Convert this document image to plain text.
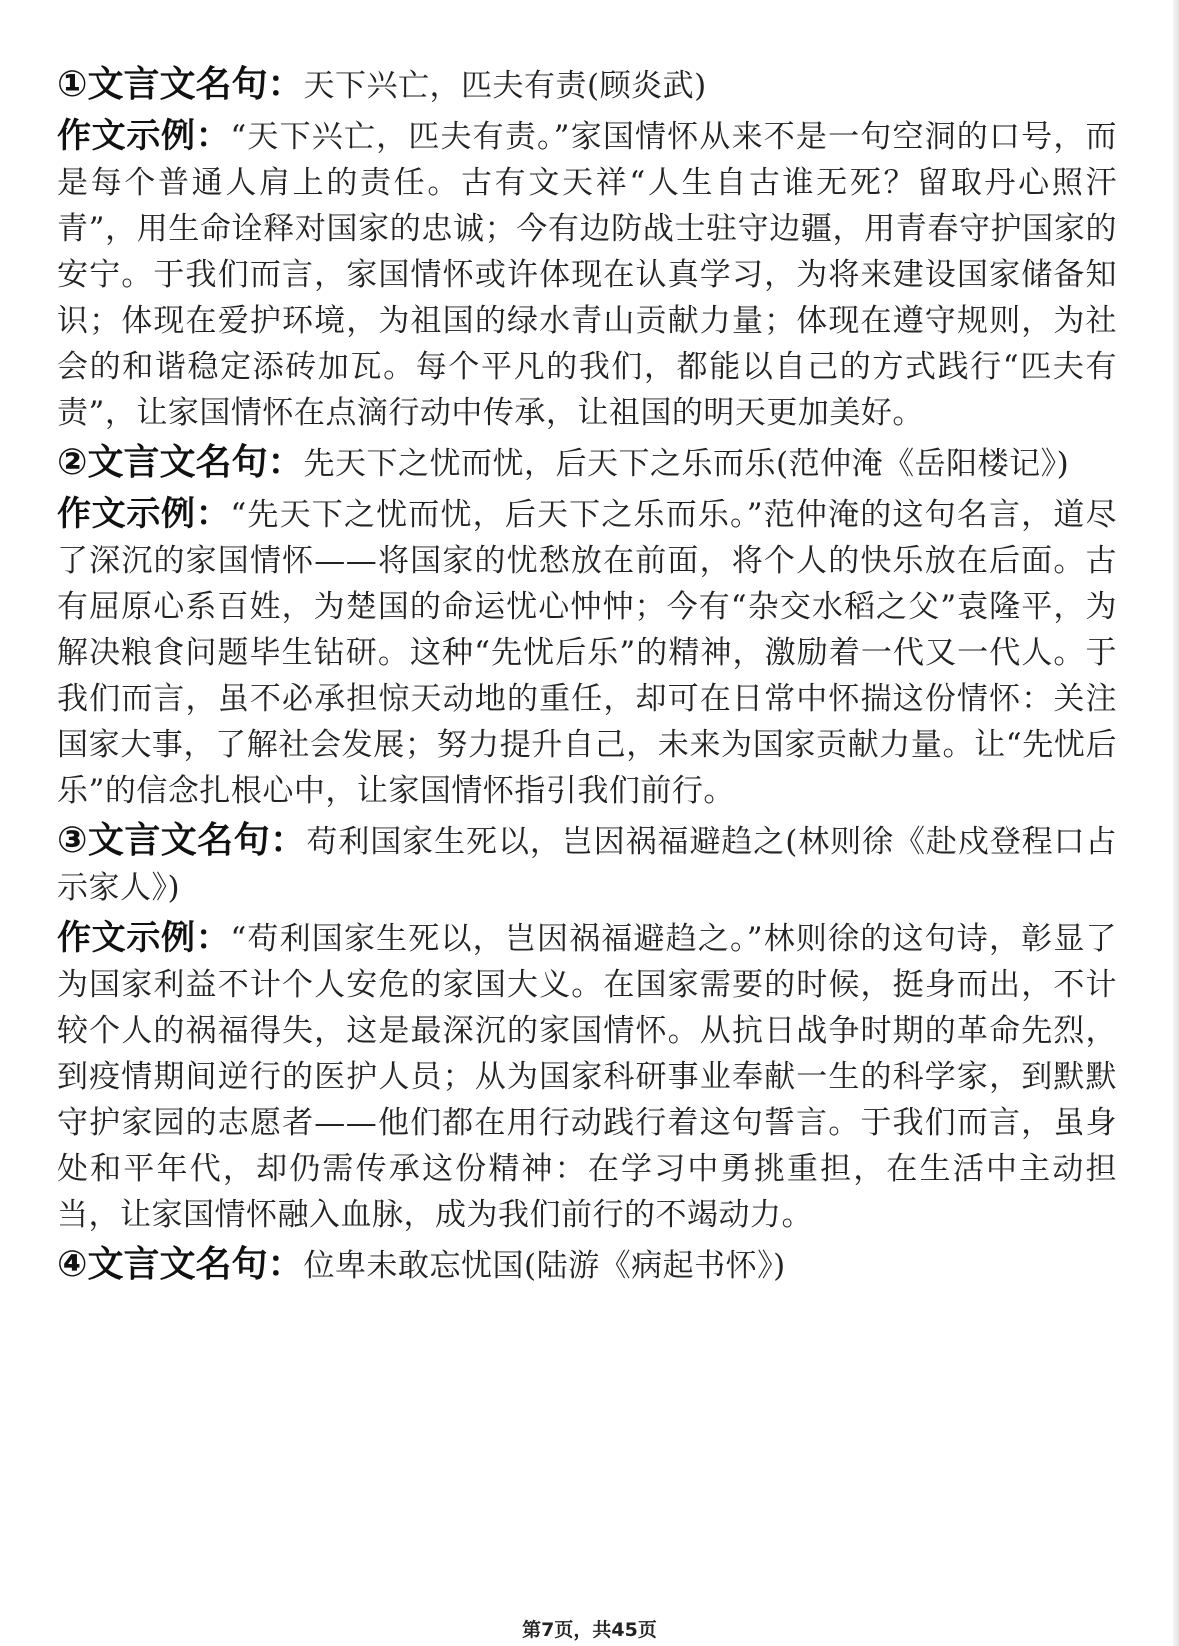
①文言文名句：天下兴亡，匹夫有责(顾炎武)

作文示例：“天下兴亡，匹夫有责。”家国情怀从来不是一句空洞的口号，而是每个普通人肩上的责任。古有文天祥“人生自古谁无死？留取丹心照汗青”，用生命诠释对国家的忠诚；今有边防战士驻守边疆，用青春守护国家的安宁。于我们而言，家国情怀或许体现在认真学习，为将来建设国家储备知识；体现在爱护环境，为祖国的绿水青山贡献力量；体现在遵守规则，为社会的和谐稳定添砖加瓦。每个平凡的我们，都能以自己的方式践行“匹夫有责”，让家国情怀在点滴行动中传承，让祖国的明天更加美好。

②文言文名句：先天下之忧而忧，后天下之乐而乐(范仲淹《岳阳楼记》)

作文示例：“先天下之忧而忧，后天下之乐而乐。”范仲淹的这句名言，道尽了深沉的家国情怀——将国家的忧愁放在前面，将个人的快乐放在后面。古有屈原心系百姓，为楚国的命运忧心忡忡；今有“杂交水稻之父”袁隆平，为解决粮食问题毕生钻研。这种“先忧后乐”的精神，激励着一代又一代人。于我们而言，虽不必承担惊天动地的重任，却可在日常中怀揣这份情怀：关注国家大事，了解社会发展；努力提升自己，未来为国家贡献力量。让“先忧后乐”的信念扎根心中，让家国情怀指引我们前行。

③文言文名句：苟利国家生死以，岂因祸福避趋之(林则徐《赴戍登程口占示家人》)

作文示例：“苟利国家生死以，岂因祸福避趋之。”林则徐的这句诗，彰显了为国家利益不计个人安危的家国大义。在国家需要的时候，挺身而出，不计较个人的祸福得失，这是最深沉的家国情怀。从抗日战争时期的革命先烈，到疫情期间逆行的医护人员；从为国家科研事业奉献一生的科学家，到默默守护家园的志愿者——他们都在用行动践行着这句誓言。于我们而言，虽身处和平年代，却仍需传承这份精神：在学习中勇挑重担，在生活中主动担当，让家国情怀融入血脉，成为我们前行的不竭动力。

④文言文名句：位卑未敢忘忧国(陆游《病起书怀》)

第7页，共45页
